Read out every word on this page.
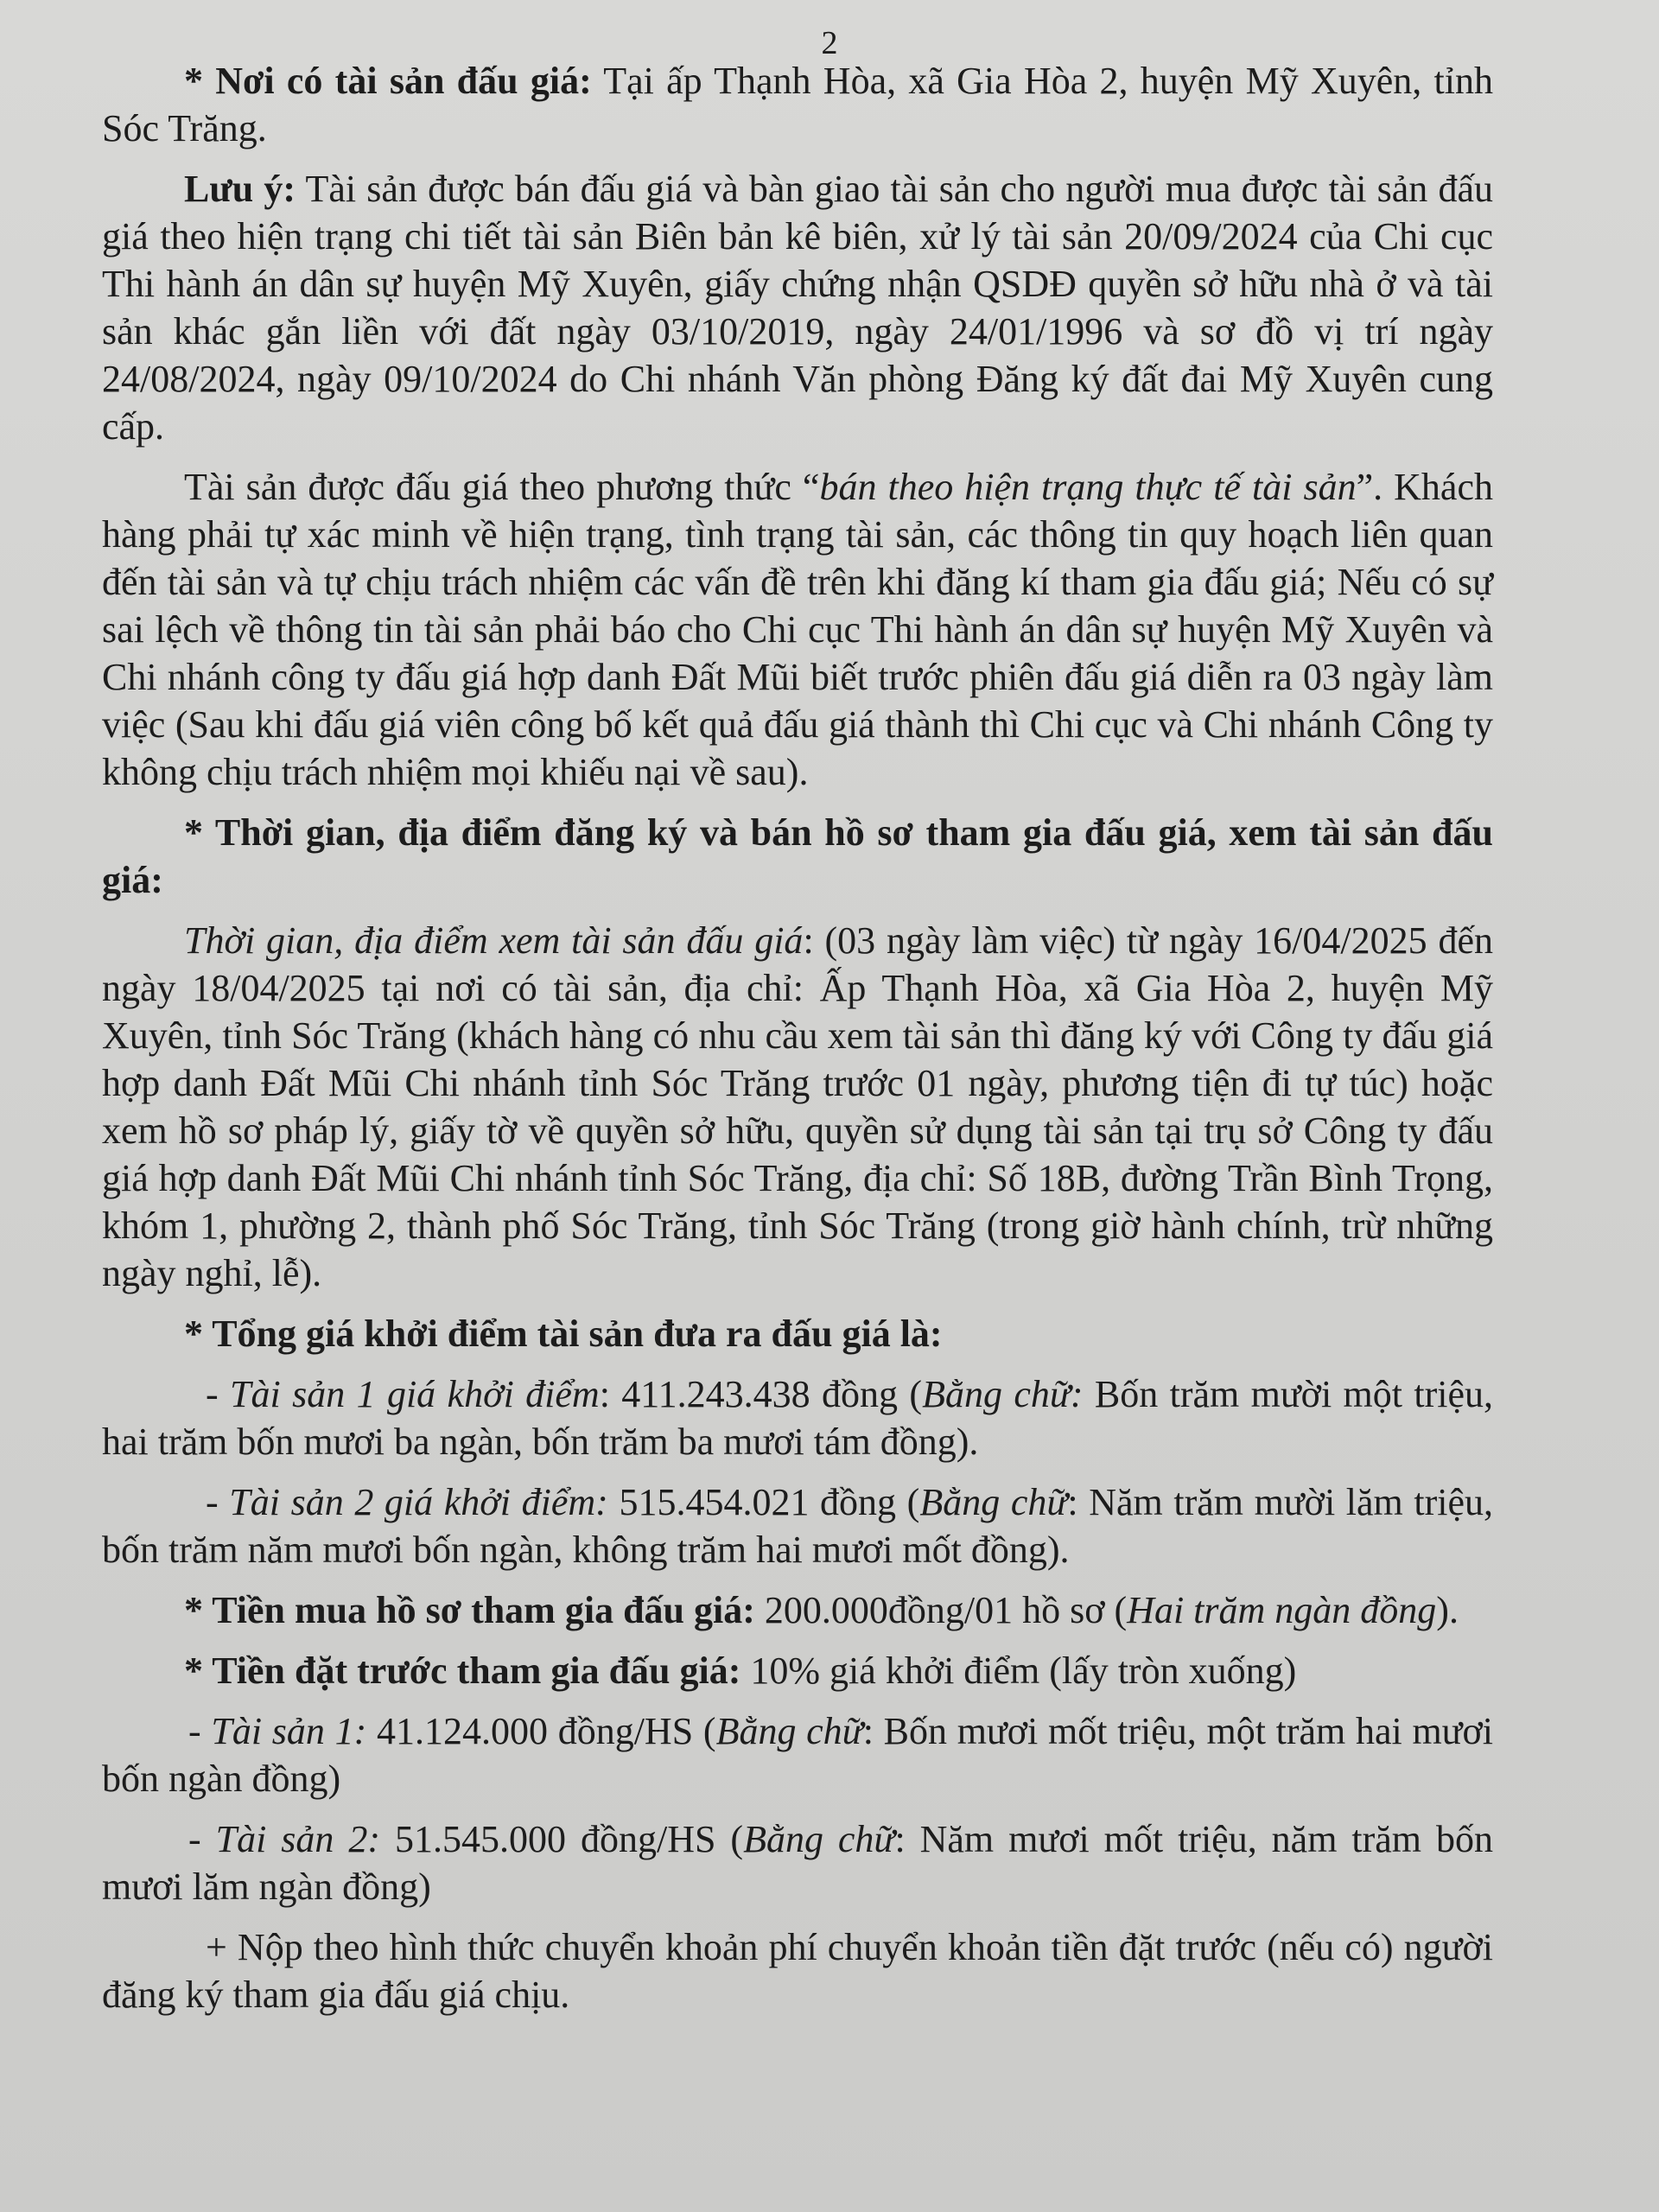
2

* Nơi có tài sản đấu giá: Tại ấp Thạnh Hòa, xã Gia Hòa 2, huyện Mỹ Xuyên, tỉnh Sóc Trăng.

Lưu ý: Tài sản được bán đấu giá và bàn giao tài sản cho người mua được tài sản đấu giá theo hiện trạng chi tiết tài sản Biên bản kê biên, xử lý tài sản 20/09/2024 của Chi cục Thi hành án dân sự huyện Mỹ Xuyên, giấy chứng nhận QSDĐ quyền sở hữu nhà ở và tài sản khác gắn liền với đất ngày 03/10/2019, ngày 24/01/1996 và sơ đồ vị trí ngày 24/08/2024, ngày 09/10/2024 do Chi nhánh Văn phòng Đăng ký đất đai Mỹ Xuyên cung cấp.

Tài sản được đấu giá theo phương thức “bán theo hiện trạng thực tế tài sản”. Khách hàng phải tự xác minh về hiện trạng, tình trạng tài sản, các thông tin quy hoạch liên quan đến tài sản và tự chịu trách nhiệm các vấn đề trên khi đăng kí tham gia đấu giá; Nếu có sự sai lệch về thông tin tài sản phải báo cho Chi cục Thi hành án dân sự huyện Mỹ Xuyên và Chi nhánh công ty đấu giá hợp danh Đất Mũi biết trước phiên đấu giá diễn ra 03 ngày làm việc (Sau khi đấu giá viên công bố kết quả đấu giá thành thì Chi cục và Chi nhánh Công ty không chịu trách nhiệm mọi khiếu nại về sau).

* Thời gian, địa điểm đăng ký và bán hồ sơ tham gia đấu giá, xem tài sản đấu giá:

Thời gian, địa điểm xem tài sản đấu giá: (03 ngày làm việc) từ ngày 16/04/2025 đến ngày 18/04/2025 tại nơi có tài sản, địa chỉ: Ấp Thạnh Hòa, xã Gia Hòa 2, huyện Mỹ Xuyên, tỉnh Sóc Trăng (khách hàng có nhu cầu xem tài sản thì đăng ký với Công ty đấu giá hợp danh Đất Mũi Chi nhánh tỉnh Sóc Trăng trước 01 ngày, phương tiện đi tự túc) hoặc xem hồ sơ pháp lý, giấy tờ về quyền sở hữu, quyền sử dụng tài sản tại trụ sở Công ty đấu giá hợp danh Đất Mũi Chi nhánh tỉnh Sóc Trăng, địa chỉ: Số 18B, đường Trần Bình Trọng, khóm 1, phường 2, thành phố Sóc Trăng, tỉnh Sóc Trăng (trong giờ hành chính, trừ những ngày nghỉ, lễ).

* Tổng giá khởi điểm tài sản đưa ra đấu giá là:

- Tài sản 1 giá khởi điểm: 411.243.438 đồng (Bằng chữ: Bốn trăm mười một triệu, hai trăm bốn mươi ba ngàn, bốn trăm ba mươi tám đồng).

- Tài sản 2 giá khởi điểm: 515.454.021 đồng (Bằng chữ: Năm trăm mười lăm triệu, bốn trăm năm mươi bốn ngàn, không trăm hai mươi mốt đồng).

* Tiền mua hồ sơ tham gia đấu giá: 200.000đồng/01 hồ sơ (Hai trăm ngàn đồng).

* Tiền đặt trước tham gia đấu giá: 10% giá khởi điểm (lấy tròn xuống)

- Tài sản 1: 41.124.000 đồng/HS (Bằng chữ: Bốn mươi mốt triệu, một trăm hai mươi bốn ngàn đồng)

- Tài sản 2: 51.545.000 đồng/HS (Bằng chữ: Năm mươi mốt triệu, năm trăm bốn mươi lăm ngàn đồng)

+ Nộp theo hình thức chuyển khoản phí chuyển khoản tiền đặt trước (nếu có) người đăng ký tham gia đấu giá chịu.
